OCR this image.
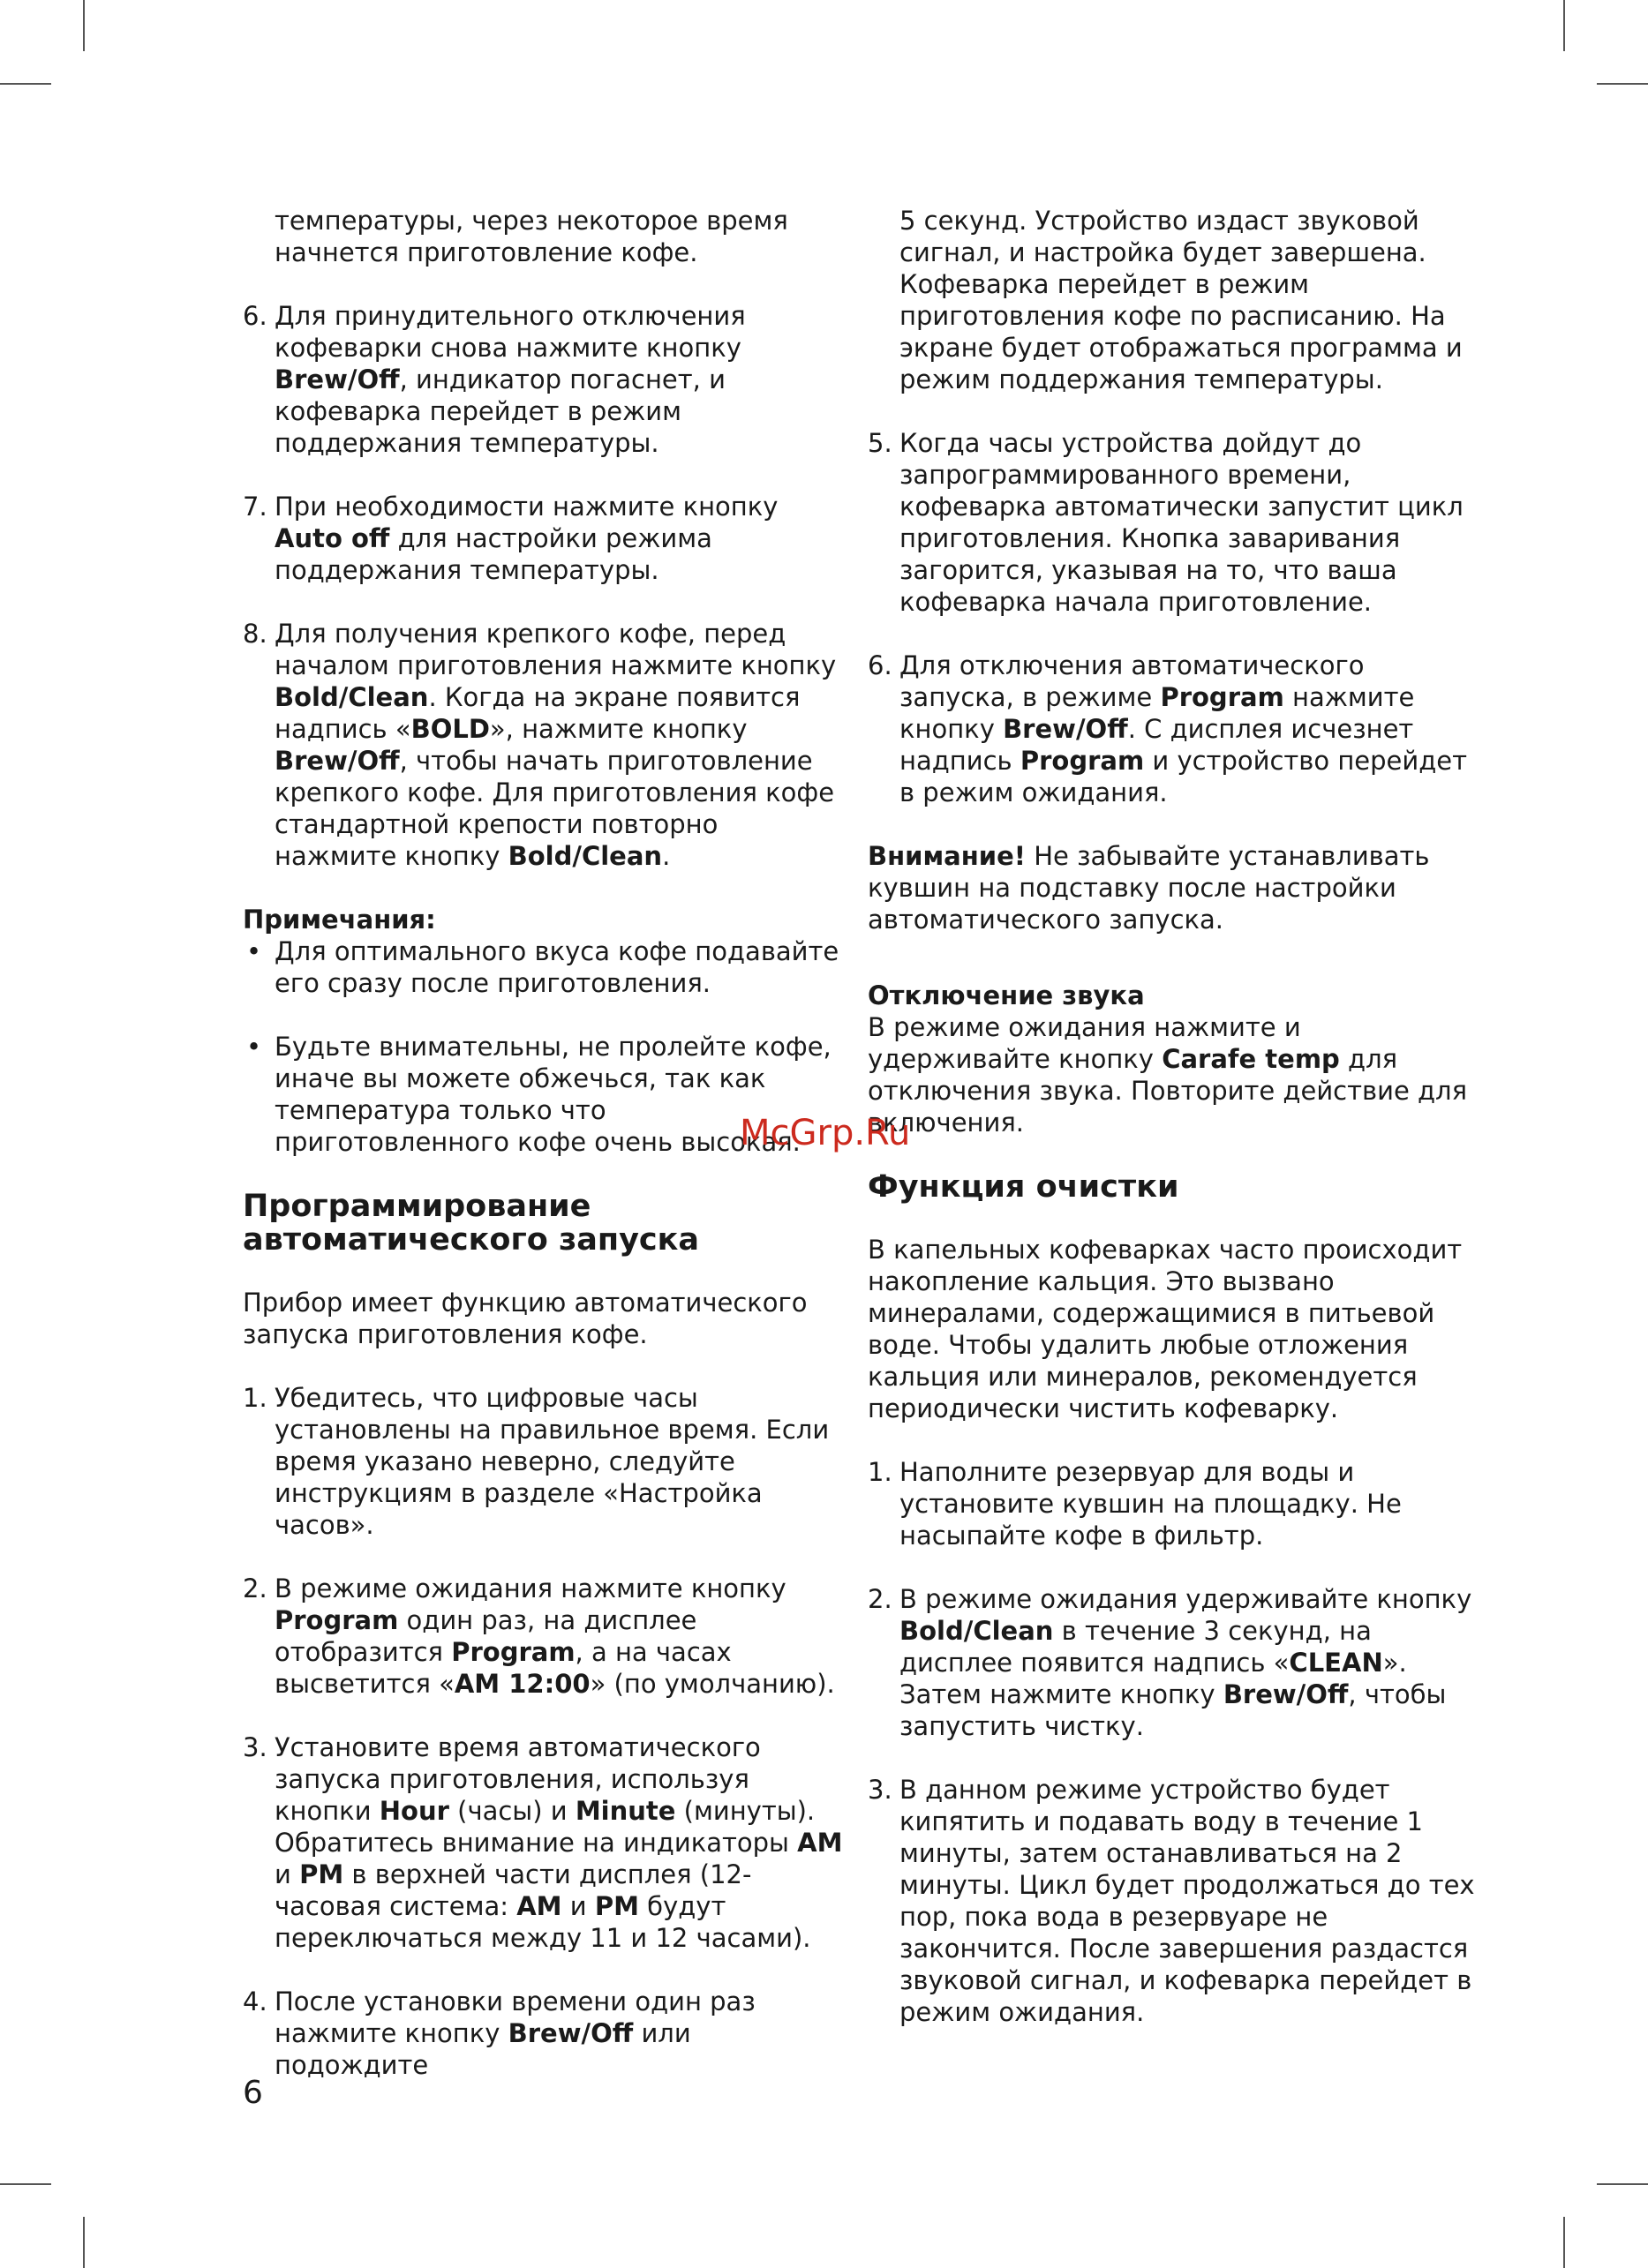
температуры, через некоторое время начнется приготовление кофе.

6. Для принудительного отключения кофеварки снова нажмите кнопку Brew/Off, индикатор погаснет, и кофеварка перейдет в режим поддержания температуры.

7. При необходимости нажмите кнопку Auto off для настройки режима поддержания температуры.

8. Для получения крепкого кофе, перед началом приготовления нажмите кнопку Bold/Clean. Когда на экране появится надпись «BOLD», нажмите кнопку Brew/Off, чтобы начать приготовление крепкого кофе. Для приготовления кофе стандартной крепости повторно нажмите кнопку Bold/Clean.

Примечания:

• Для оптимального вкуса кофе подавайте его сразу после приготовления.

• Будьте внимательны, не пролейте кофе, иначе вы можете обжечься, так как температура только что приготовленного кофе очень высокая.

Программирование автоматического запуска

Прибор имеет функцию автоматического запуска приготовления кофе.

1. Убедитесь, что цифровые часы установлены на правильное время. Если время указано неверно, следуйте инструкциям в разделе «Настройка часов».

2. В режиме ожидания нажмите кнопку Program один раз, на дисплее отобразится Program, а на часах высветится «AM 12:00» (по умолчанию).

3. Установите время автоматического запуска приготовления, используя кнопки Hour (часы) и Minute (минуты). Обратитесь внимание на индикаторы AM и PM в верхней части дисплея (12-часовая система: AM и PM будут переключаться между 11 и 12 часами).

4. После установки времени один раз нажмите кнопку Brew/Off или подождите

5 секунд. Устройство издаст звуковой сигнал, и настройка будет завершена. Кофеварка перейдет в режим приготовления кофе по расписанию. На экране будет отображаться программа и режим поддержания температуры.

5. Когда часы устройства дойдут до запрограммированного времени, кофеварка автоматически запустит цикл приготовления. Кнопка заваривания загорится, указывая на то, что ваша кофеварка начала приготовление.

6. Для отключения автоматического запуска, в режиме Program нажмите кнопку Brew/Off. С дисплея исчезнет надпись Program и устройство перейдет в режим ожидания.

Внимание! Не забывайте устанавливать кувшин на подставку после настройки автоматического запуска.

Отключение звука

В режиме ожидания нажмите и удерживайте кнопку Carafe temp для отключения звука. Повторите действие для включения.

Функция очистки

В капельных кофеварках часто происходит накопление кальция. Это вызвано минералами, содержащимися в питьевой воде. Чтобы удалить любые отложения кальция или минералов, рекомендуется периодически чистить кофеварку.

1. Наполните резервуар для воды и установите кувшин на площадку. Не насыпайте кофе в фильтр.

2. В режиме ожидания удерживайте кнопку Bold/Clean в течение 3 секунд, на дисплее появится надпись «CLEAN». Затем нажмите кнопку Brew/Off, чтобы запустить чистку.

3. В данном режиме устройство будет кипятить и подавать воду в течение 1 минуты, затем останавливаться на 2 минуты. Цикл будет продолжаться до тех пор, пока вода в резервуаре не закончится. После завершения раздастся звуковой сигнал, и кофеварка перейдет в режим ожидания.

McGrp.Ru
6
